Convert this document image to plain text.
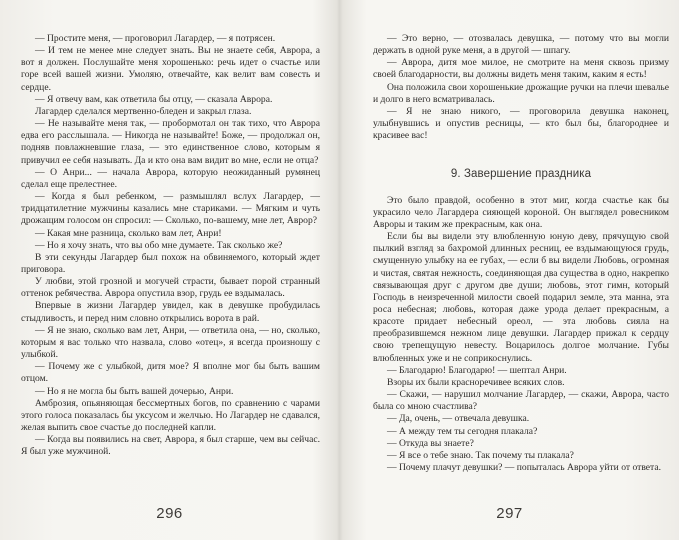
— Простите меня, — проговорил Лагардер, — я потрясен.

— И тем не менее мне следует знать. Вы не знаете себя, Аврора, а вот я должен. Послушайте меня хорошенько: речь идет о счастье или горе всей вашей жизни. Умоляю, отвечайте, как велит вам совесть и сердце.

— Я отвечу вам, как ответила бы отцу, — сказала Аврора.

Лагардер сделался мертвенно-бледен и закрыл глаза.

— Не называйте меня так, — пробормотал он так тихо, что Аврора едва его расслышала. — Никогда не называйте! Боже, — продолжал он, подняв повлажневшие глаза, — это единственное слово, которым я привучил ее себя называть. Да и кто она вам видит во мне, если не отца?

— О Анри... — начала Аврора, которую неожиданный румянец сделал еще прелестнее.

— Когда я был ребенком, — размышлял вслух Лагардер, — тридцатилетние мужчины казались мне стариками. — Мягким и чуть дрожащим голосом он спросил: — Сколько, по-вашему, мне лет, Аврор?

— Какая мне разница, сколько вам лет, Анри!

— Но я хочу знать, что вы обо мне думаете. Так сколько же?

В эти секунды Лагардер был похож на обвиняемого, который ждет приговора.

У любви, этой грозной и могучей страсти, бывает порой странный оттенок ребячества. Аврора опустила взор, грудь ее вздымалась.

Впервые в жизни Лагардер увидел, как в девушке пробудилась стыдливость, и перед ним словно открылись ворота в рай.

— Я не знаю, сколько вам лет, Анри, — ответила она, — но, сколько, которым я вас только что назвала, слово «отец», я всегда произношу с улыбкой.

— Почему же с улыбкой, дитя мое? Я вполне мог бы быть вашим отцом.

— Но я не могла бы быть вашей дочерью, Анри.

Амброзия, опьяняющая бессмертных богов, по сравнению с чарами этого голоса показалась бы уксусом и желчью. Но Лагардер не сдавался, желая выпить свое счастье до последней капли.

— Когда вы появились на свет, Аврора, я был старше, чем вы сейчас. Я был уже мужчиной.

296

— Это верно, — отозвалась девушка, — потому что вы могли держать в одной руке меня, а в другой — шпагу.

— Аврора, дитя мое милое, не смотрите на меня сквозь призму своей благодарности, вы должны видеть меня таким, каким я есть!

Она положила свои хорошенькие дрожащие ручки на плечи шевалье и долго в него всматривалась.

— Я не знаю никого, — проговорила девушка наконец, улыбнувшись и опустив ресницы, — кто был бы, благороднее и красивее вас!

9. Завершение праздника

Это было правдой, особенно в этот миг, когда счастье как бы украсило чело Лагардера сияющей короной. Он выглядел ровесником Авроры и таким же прекрасным, как она.

Если бы вы видели эту влюбленную юную деву, прячущую свой пылкий взгляд за бахромой длинных ресниц, ее вздымающуюся грудь, смущенную улыбку на ее губах, — если б вы видели Любовь, огромная и чистая, святая нежность, соединяющая два существа в одно, накрепко связывающая друг с другом две души; любовь, этот гимн, который Господь в неизреченной милости своей подарил земле, эта манна, эта роса небесная; любовь, которая даже урода делает прекрасным, а красоте придает небесный ореол, — эта любовь сияла на преобразившемся нежном лице девушки. Лагардер прижал к сердцу свою трепещущую невесту. Воцарилось долгое молчание. Губы влюбленных уже и не соприкоснулись.

— Благодарю! Благодарю! — шептал Анри.

Взоры их были красноречивее всяких слов.

— Скажи, — нарушил молчание Лагардер, — скажи, Аврора, часто была со мною счастлива?

— Да, очень, — отвечала девушка.

— А между тем ты сегодня плакала?

— Откуда вы знаете?

— Я все о тебе знаю. Так почему ты плакала?

— Почему плачут девушки? — попыталась Аврора уйти от ответа.

297
